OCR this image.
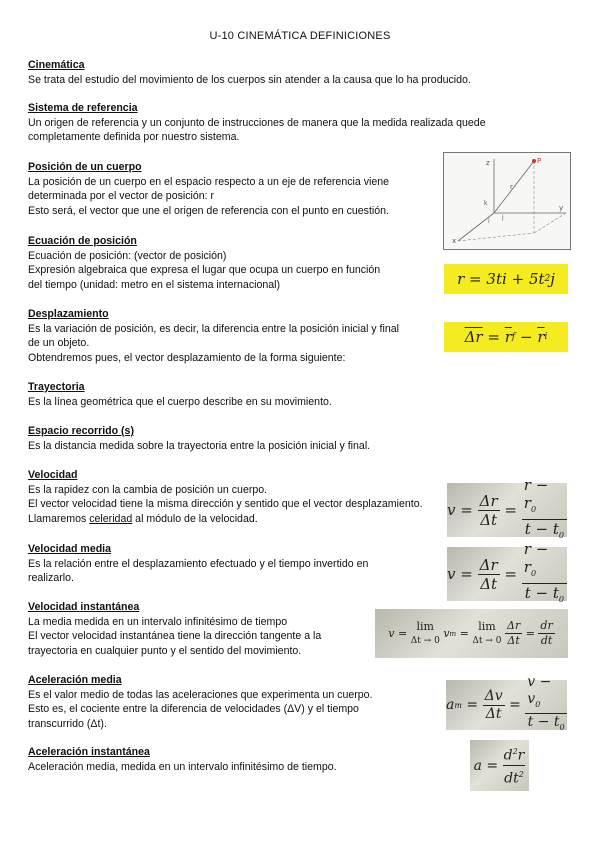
U-10 CINEMÁTICA DEFINICIONES
Cinemática
Se trata del estudio del movimiento de los cuerpos sin atender a la causa que lo ha producido.
Sistema de referencia
Un origen de referencia y un conjunto de instrucciones de manera que la medida realizada quede
completamente definida por nuestro sistema.
Posición de un cuerpo
La posición de un cuerpo en el espacio respecto a un eje de referencia viene
determinada por el vector de posición: r
Esto será, el vector que une el origen de referencia con el punto en cuestión.
z
y
x
P
k
i
j
r
Ecuación de posición
Ecuación de posición: (vector de posición)
Expresión algebraica que expresa el lugar que ocupa un cuerpo en función
del tiempo (unidad: metro en el sistema internacional)	r
=
3t i
+
5t 2 j
Desplazamiento
Es la variación de posición, es decir, la diferencia entre la posición inicial y final
de un objeto.
Obtendremos pues, el vector desplazamiento de la forma siguiente:
$\overline{\Delta r}$
=
$\overline{r}$ f
−
$\overline{r}$ i
Trayectoria
Es la línea geométrica que el cuerpo describe en su movimiento.
Espacio recorrido (s)
Es la distancia medida sobre la trayectoria entre la posición inicial y final.
Velocidad
Es la rapidez con la cambia de posición un cuerpo.
El vector velocidad tiene la misma dirección y sentido que el vector desplazamiento.
Llamaremos celeridad al módulo de la velocidad.	v
=
$\frac{\Delta r}{\Delta t}$
=
$\frac{r - r_0}{t - t_0}$
Velocidad media
Es la relación entre el desplazamiento efectuado y el tiempo invertido en
realizarlo.	v
=
$\frac{\Delta r}{\Delta t}$
=
$\frac{r - r_0}{t - t_0}$
Velocidad instantánea
La media medida en un intervalo infinitésimo de tiempo
El vector velocidad instantánea tiene la dirección tangente a la
trayectoria en cualquier punto y el sentido del movimiento.
v
=

lim
Δt → 0

v m
=

lim
Δt → 0
$\frac{\Delta r}{\Delta t}$
=
$\frac{dr}{dt}$
Aceleración media
Es el valor medio de todas las aceleraciones que experimenta un cuerpo.
Esto es, el cociente entre la diferencia de velocidades (ΔV) y el tiempo
transcurrido (Δt).
a m
=
$\frac{\Delta v}{\Delta t}$
=
$\frac{v - v_0}{t - t_0}$
Aceleración instantánea
Aceleración media, medida en un intervalo infinitésimo de tiempo.	a
=
$\frac{d^2r}{dt^2}$
